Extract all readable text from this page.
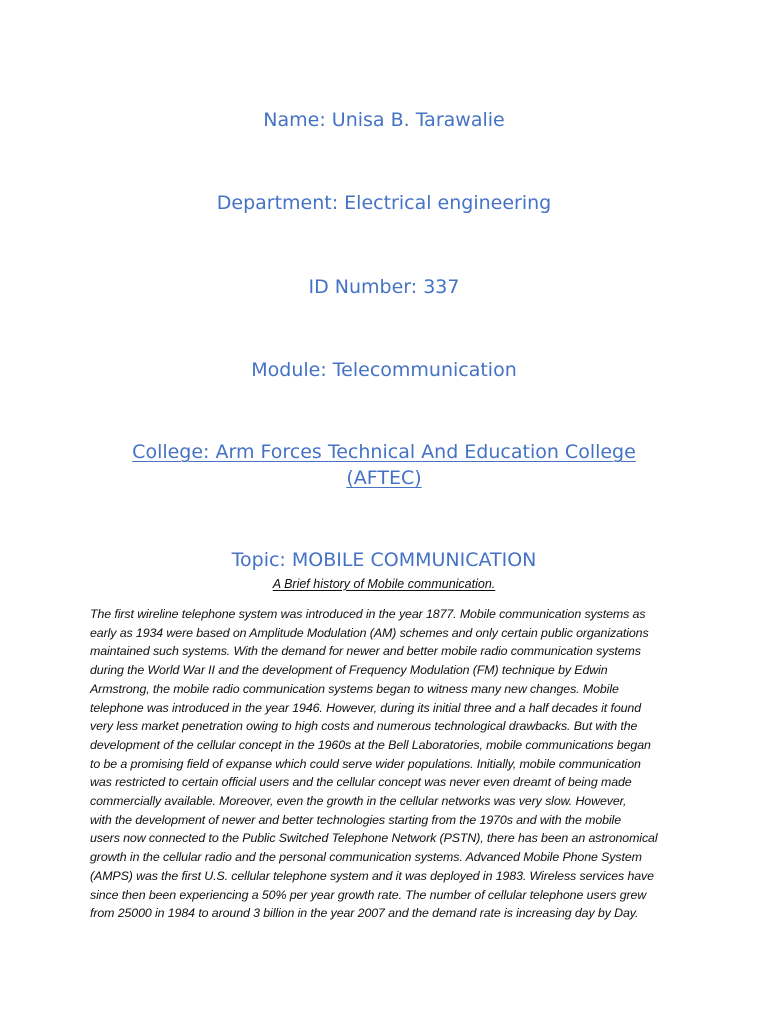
Name: Unisa B. Tarawalie
Department: Electrical engineering
ID Number: 337
Module: Telecommunication
College: Arm Forces Technical And Education College (AFTEC)
Topic: MOBILE COMMUNICATION
A Brief history of Mobile communication.
The first wireline telephone system was introduced in the year 1877. Mobile communication systems as
early as 1934 were based on Amplitude Modulation (AM) schemes and only certain public organizations
maintained such systems. With the demand for newer and better mobile radio communication systems
during the World War II and the development of Frequency Modulation (FM) technique by Edwin
Armstrong, the mobile radio communication systems began to witness many new changes. Mobile
telephone was introduced in the year 1946. However, during its initial three and a half decades it found
very less market penetration owing to high costs and numerous technological drawbacks. But with the
development of the cellular concept in the 1960s at the Bell Laboratories, mobile communications began
to be a promising field of expanse which could serve wider populations. Initially, mobile communication
was restricted to certain official users and the cellular concept was never even dreamt of being made
commercially available. Moreover, even the growth in the cellular networks was very slow. However,
with the development of newer and better technologies starting from the 1970s and with the mobile
users now connected to the Public Switched Telephone Network (PSTN), there has been an astronomical
growth in the cellular radio and the personal communication systems. Advanced Mobile Phone System
(AMPS) was the first U.S. cellular telephone system and it was deployed in 1983. Wireless services have
since then been experiencing a 50% per year growth rate. The number of cellular telephone users grew
from 25000 in 1984 to around 3 billion in the year 2007 and the demand rate is increasing day by Day.
